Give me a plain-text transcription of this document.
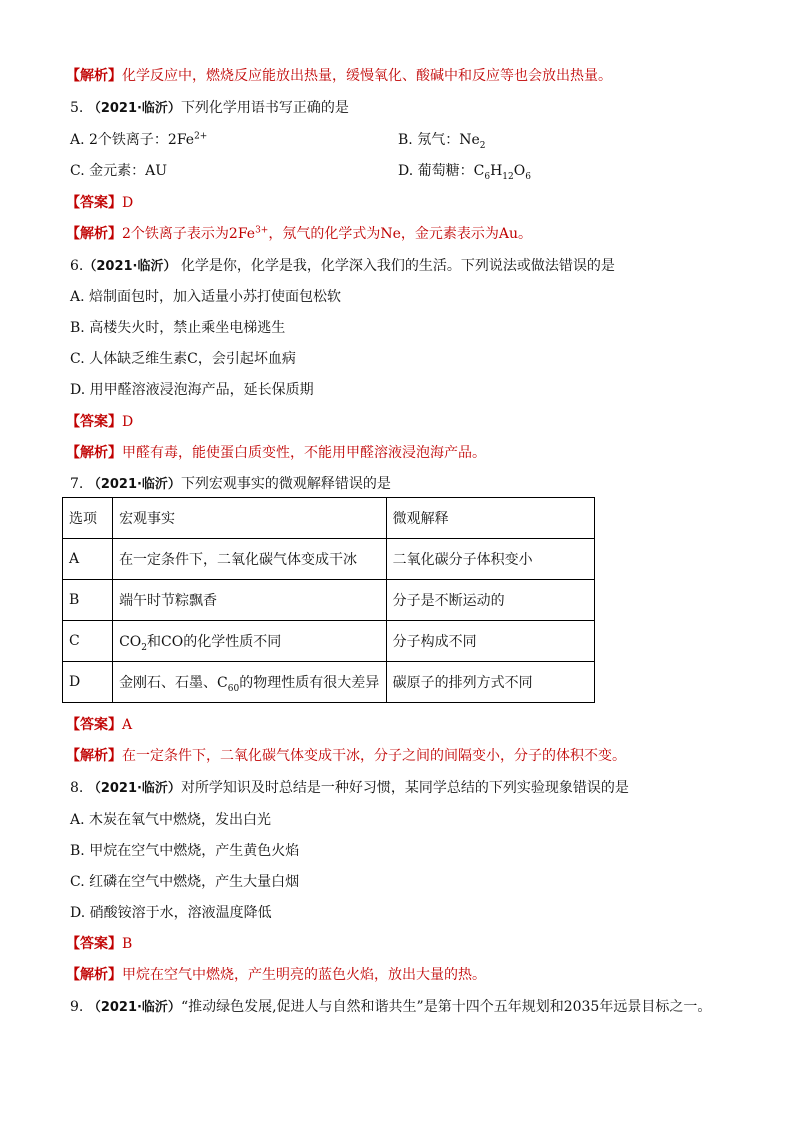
【解析】化学反应中，燃烧反应能放出热量，缓慢氧化、酸碱中和反应等也会放出热量。
5. （2021·临沂）下列化学用语书写正确的是
A. 2个铁离子：$2Fe^{2+}$	B. 氖气：$Ne_2$
C. 金元素：AU	D. 葡萄糖：$C_6H_{12}O_6$
【答案】D
【解析】2个铁离子表示为$2Fe^{3+}$，氖气的化学式为Ne，金元素表示为Au。
6.（2021·临沂） 化学是你，化学是我，化学深入我们的生活。下列说法或做法错误的是
A. 焙制面包时，加入适量小苏打使面包松软
B. 高楼失火时，禁止乘坐电梯逃生
C. 人体缺乏维生素C，会引起坏血病
D. 用甲醛溶液浸泡海产品，延长保质期
【答案】D
【解析】甲醛有毒，能使蛋白质变性，不能用甲醛溶液浸泡海产品。
7. （2021·临沂）下列宏观事实的微观解释错误的是
选项	宏观事实	微观解释
A	在一定条件下，二氧化碳气体变成干冰	二氧化碳分子体积变小
B	端午时节粽飘香	分子是不断运动的
C	$CO_2$和CO的化学性质不同	分子构成不同
D	金刚石、石墨、$C_{60}$的物理性质有很大差异	碳原子的排列方式不同
【答案】A
【解析】在一定条件下，二氧化碳气体变成干冰，分子之间的间隔变小，分子的体积不变。
8. （2021·临沂）对所学知识及时总结是一种好习惯，某同学总结的下列实验现象错误的是
A. 木炭在氧气中燃烧，发出白光
B. 甲烷在空气中燃烧，产生黄色火焰
C. 红磷在空气中燃烧，产生大量白烟
D. 硝酸铵溶于水，溶液温度降低
【答案】B
【解析】甲烷在空气中燃烧，产生明亮的蓝色火焰，放出大量的热。
9. （2021·临沂）“推动绿色发展,促进人与自然和谐共生”是第十四个五年规划和2035年远景目标之一。
